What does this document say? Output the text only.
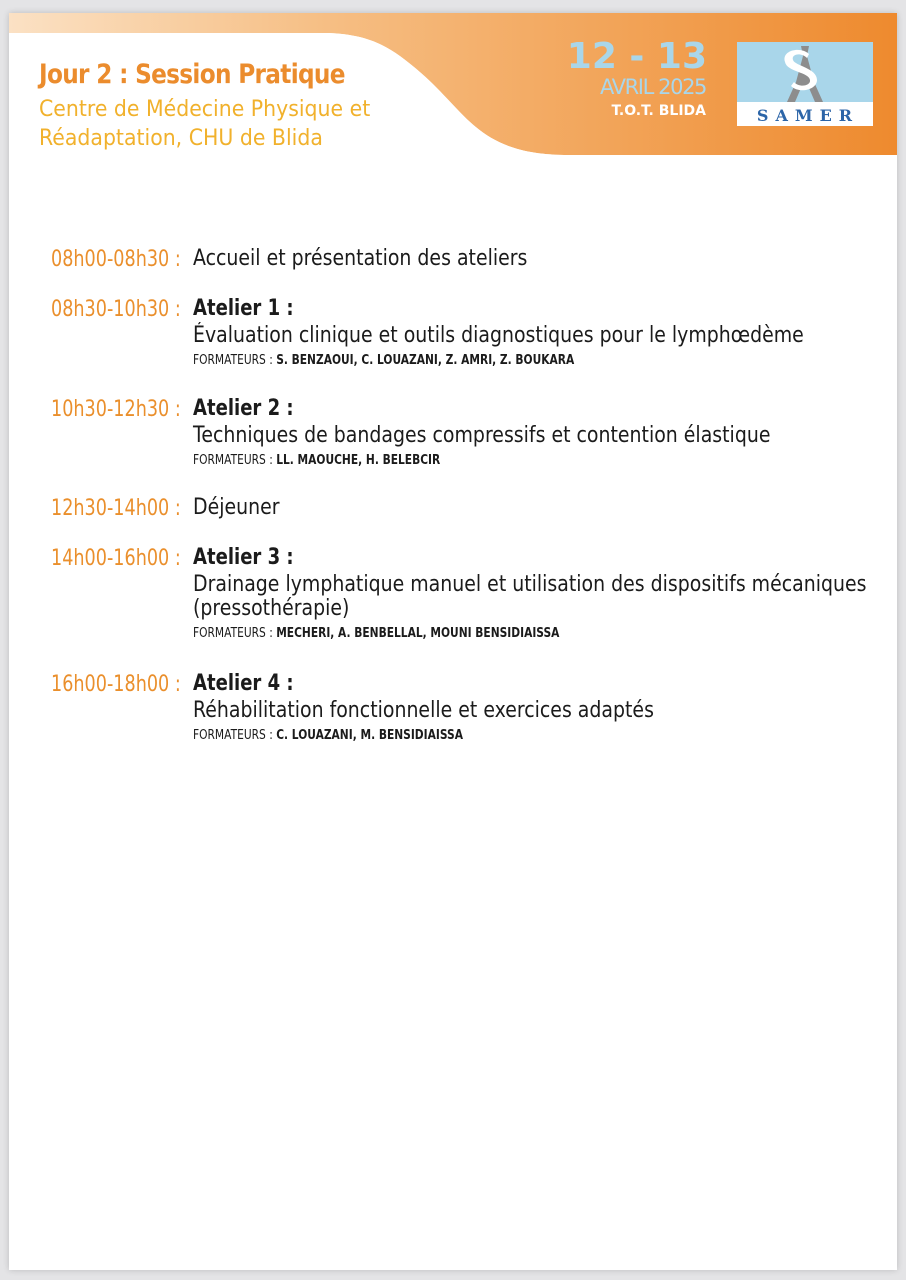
Jour 2 : Session Pratique
Centre de Médecine Physique et
Réadaptation, CHU de Blida
12 - 13
AVRIL 2025
T.O.T. BLIDA	SAMER
08h00-08h30 : Accueil et présentation des ateliers
08h30-10h30 : Atelier 1 :
Évaluation clinique et outils diagnostiques pour le lymphœdème
FORMATEURS : S. BENZAOUI, C. LOUAZANI, Z. AMRI, Z. BOUKARA
10h30-12h30 : Atelier 2 :
Techniques de bandages compressifs et contention élastique
FORMATEURS : LL. MAOUCHE, H. BELEBCIR
12h30-14h00 : Déjeuner
14h00-16h00 : Atelier 3 :
Drainage lymphatique manuel et utilisation des dispositifs mécaniques
(pressothérapie)
FORMATEURS : MECHERI, A. BENBELLAL, MOUNI BENSIDIAISSA
16h00-18h00 : Atelier 4 :
Réhabilitation fonctionnelle et exercices adaptés
FORMATEURS : C. LOUAZANI, M. BENSIDIAISSA
